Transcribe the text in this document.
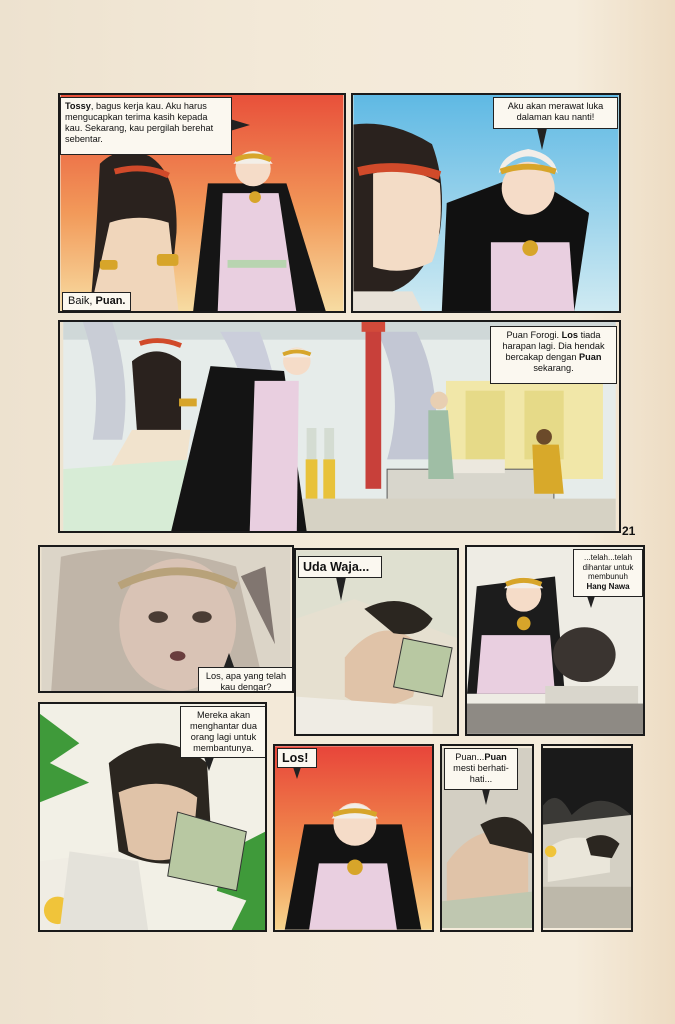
Tossy, bagus kerja kau. Aku harus mengucapkan terima kasih kepada kau. Sekarang, kau pergilah berehat sebentar.
Baik, Puan.
Aku akan merawat luka dalaman kau nanti!
Puan Forogi. Los tiada harapan lagi. Dia hendak bercakap dengan Puan sekarang.
21
Los, apa yang telah kau dengar?
Uda Waja...
...telah...telah dihantar untuk membunuh Hang Nawa
Mereka akan menghantar dua orang lagi untuk membantunya.
Los!	Puan...Puan mesti berhati-hati...
